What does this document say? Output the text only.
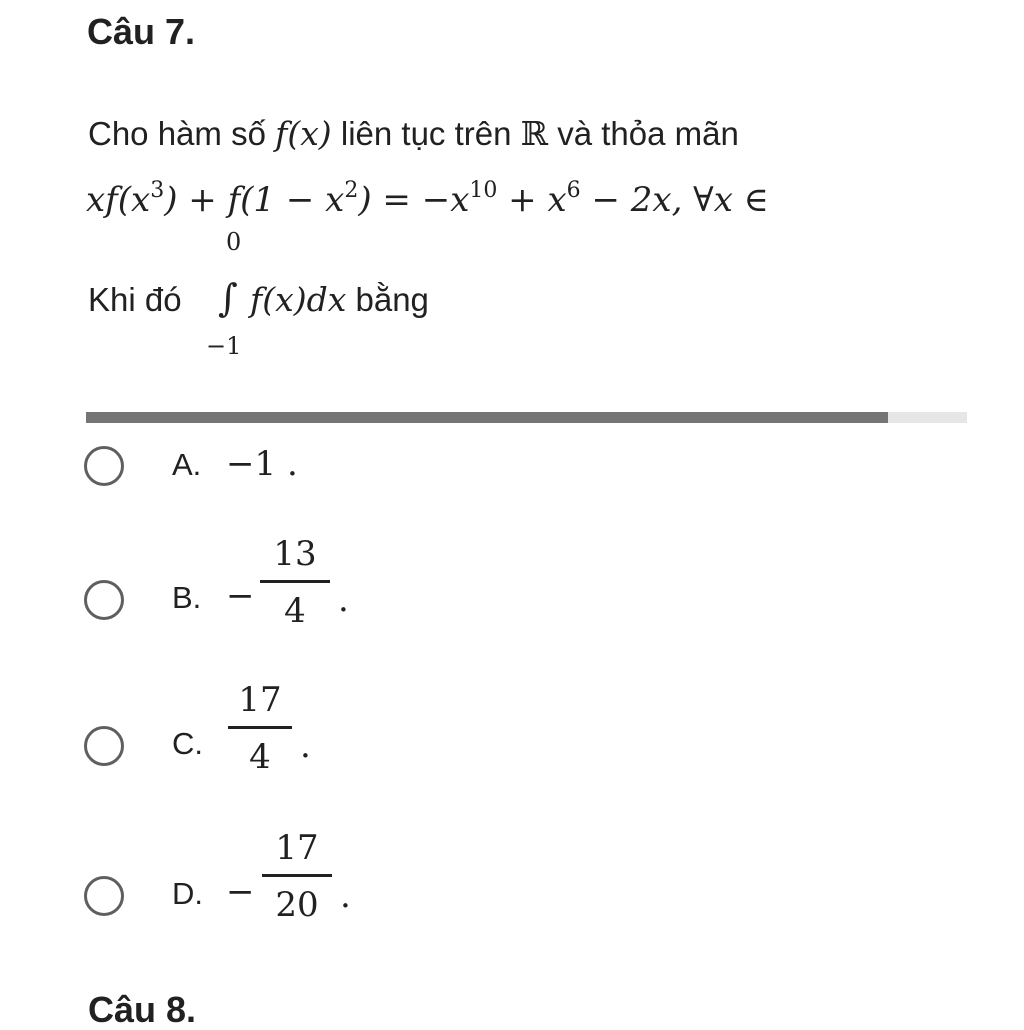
Câu 7.
Cho hàm số f(x) liên tục trên ℝ và thỏa mãn
$xf(x^3) + f(1 - x^2) = -x^{10} + x^6 - 2x$, ∀x ∈
Khi đó
0
∫
−1
f(x)dx bằng
A. −1 .
B. −
13
4 .
C.
17
4 .
D. −
17
20 .
Câu 8.
